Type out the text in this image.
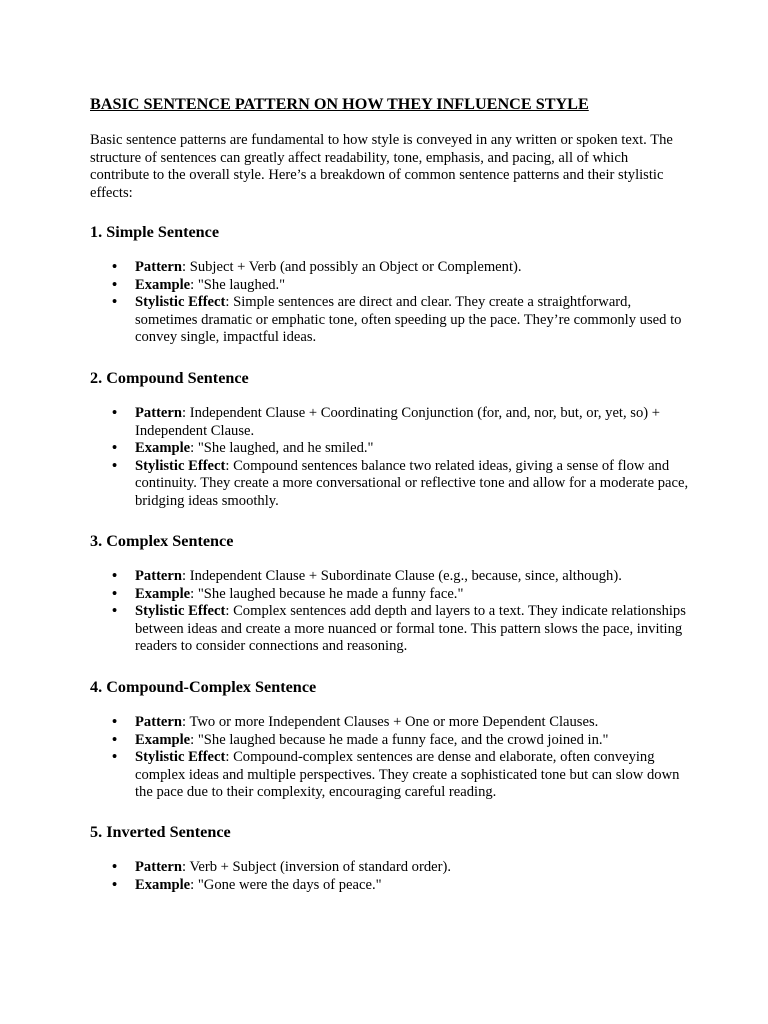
BASIC SENTENCE PATTERN ON HOW THEY INFLUENCE STYLE

Basic sentence patterns are fundamental to how style is conveyed in any written or spoken text. The structure of sentences can greatly affect readability, tone, emphasis, and pacing, all of which contribute to the overall style. Here’s a breakdown of common sentence patterns and their stylistic effects:

1. Simple Sentence
• Pattern: Subject + Verb (and possibly an Object or Complement).
• Example: "She laughed."
• Stylistic Effect: Simple sentences are direct and clear. They create a straightforward, sometimes dramatic or emphatic tone, often speeding up the pace. They’re commonly used to convey single, impactful ideas.
2. Compound Sentence
• Pattern: Independent Clause + Coordinating Conjunction (for, and, nor, but, or, yet, so) + Independent Clause.
• Example: "She laughed, and he smiled."
• Stylistic Effect: Compound sentences balance two related ideas, giving a sense of flow and continuity. They create a more conversational or reflective tone and allow for a moderate pace, bridging ideas smoothly.
3. Complex Sentence
• Pattern: Independent Clause + Subordinate Clause (e.g., because, since, although).
• Example: "She laughed because he made a funny face."
• Stylistic Effect: Complex sentences add depth and layers to a text. They indicate relationships between ideas and create a more nuanced or formal tone. This pattern slows the pace, inviting readers to consider connections and reasoning.
4. Compound-Complex Sentence
• Pattern: Two or more Independent Clauses + One or more Dependent Clauses.
• Example: "She laughed because he made a funny face, and the crowd joined in."
• Stylistic Effect: Compound-complex sentences are dense and elaborate, often conveying complex ideas and multiple perspectives. They create a sophisticated tone but can slow down the pace due to their complexity, encouraging careful reading.
5. Inverted Sentence
• Pattern: Verb + Subject (inversion of standard order).
• Example: "Gone were the days of peace."
